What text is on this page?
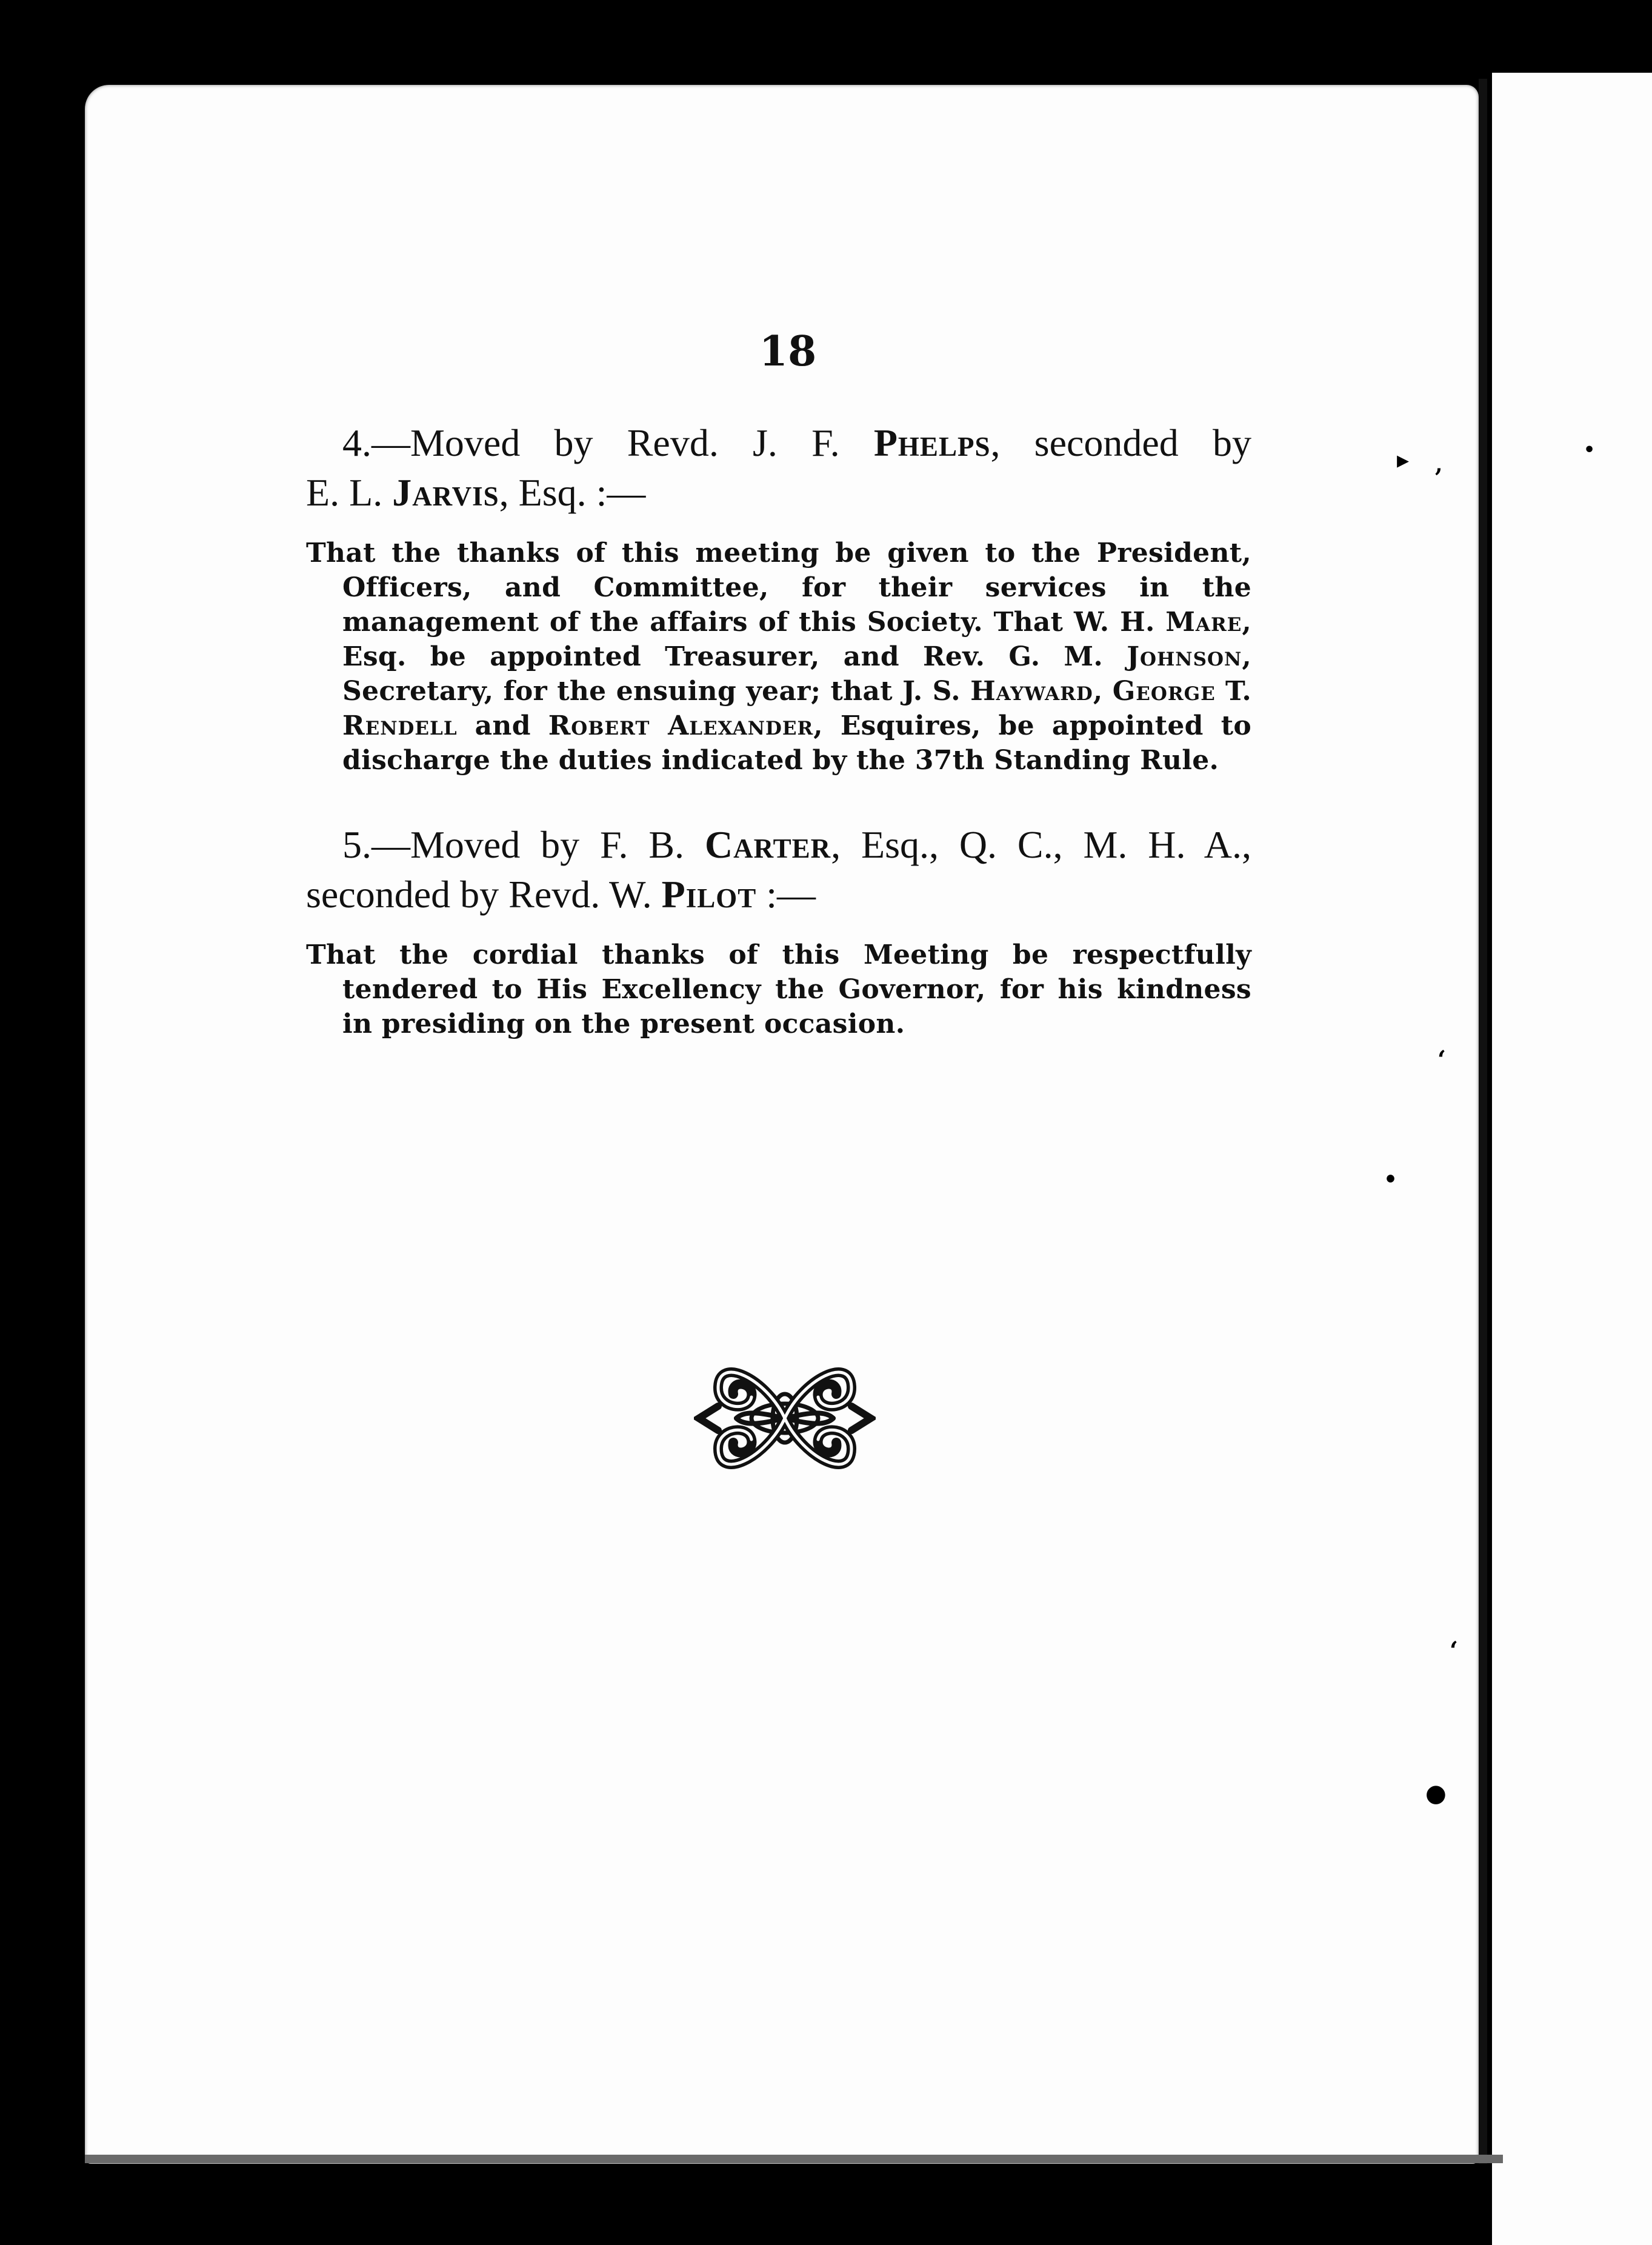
▸ ,
•
‘
•
‘
●
18

4.—Moved by Revd. J. F. Phelps, seconded by
E. L. Jarvis, Esq. :—

That the thanks of this meeting be given to the President, Officers, and Committee, for their services in the management of the affairs of this Society. That W. H. Mare, Esq. be appointed Treasurer, and Rev. G. M. Johnson, Secretary, for the ensuing year; that J. S. Hayward, George T. Rendell and Robert Alexander, Esquires, be appointed to discharge the duties indicated by the 37th Standing Rule.

5.—Moved by F. B. Carter, Esq., Q. C., M. H. A.,
seconded by Revd. W. Pilot :—

That the cordial thanks of this Meeting be respectfully tendered to His Excellency the Governor, for his kindness in presiding on the present occasion.
